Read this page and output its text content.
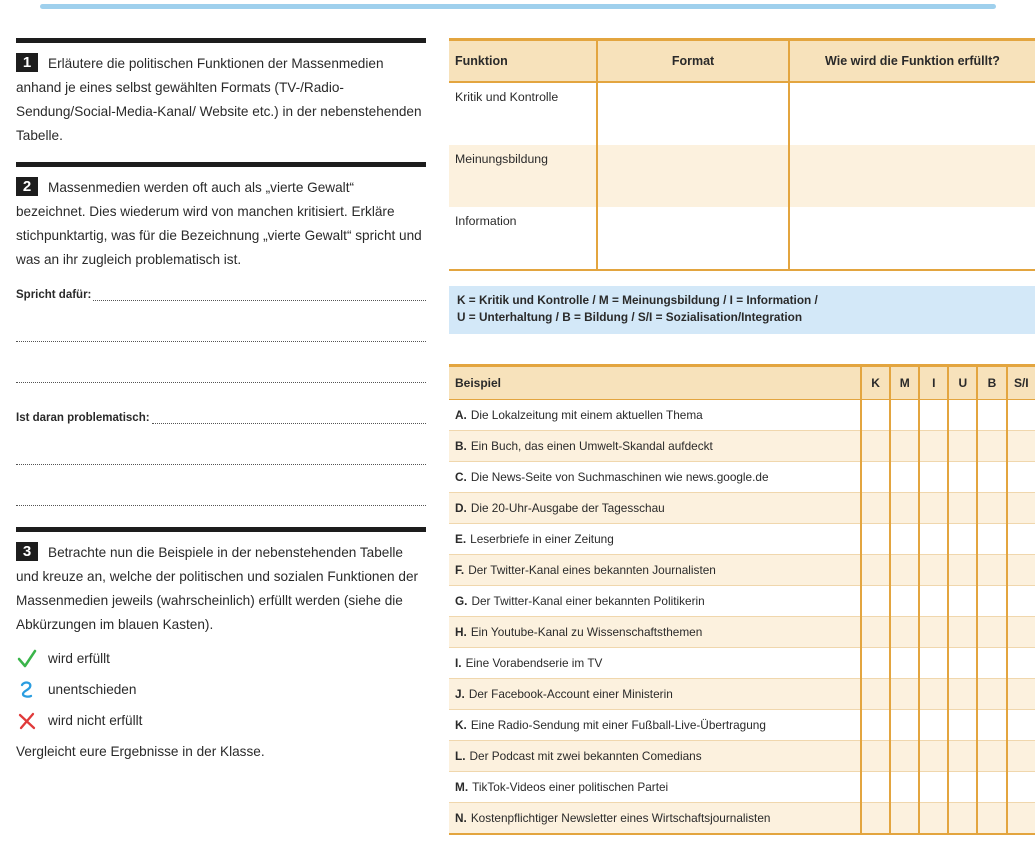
1 Erläutere die politischen Funktionen der Massenmedien anhand je eines selbst gewählten Formats (TV-/Radio-Sendung/Social-Media-Kanal/ Website etc.) in der nebenstehenden Tabelle.

2 Massenmedien werden oft auch als „vierte Gewalt“ bezeichnet. Dies wiederum wird von manchen kritisiert. Erkläre stichpunktartig, was für die Bezeichnung „vierte Gewalt“ spricht und was an ihr zugleich problematisch ist.

Spricht dafür:
Ist daran problematisch:

3 Betrachte nun die Beispiele in der nebenstehenden Tabelle und kreuze an, welche der politischen und sozialen Funktionen der Massenmedien jeweils (wahrscheinlich) erfüllt werden (siehe die Abkürzungen im blauen Kasten).

wird erfüllt
unentschieden
wird nicht erfüllt
Vergleicht eure Ergebnisse in der Klasse.
Funktion	Format	Wie wird die Funktion erfüllt?
Kritik und Kontrolle		
Meinungsbildung		
Information		
K = Kritik und Kontrolle / M = Meinungsbildung / I = Information /
U = Unterhaltung / B = Bildung / S/I = Sozialisation/Integration
Beispiel	K	M	I	U	B	S/I
A. Die Lokalzeitung mit einem aktuellen Thema						
B. Ein Buch, das einen Umwelt-Skandal aufdeckt						
C. Die News-Seite von Suchmaschinen wie news.google.de						
D. Die 20-Uhr-Ausgabe der Tagesschau						
E. Leserbriefe in einer Zeitung						
F. Der Twitter-Kanal eines bekannten Journalisten						
G. Der Twitter-Kanal einer bekannten Politikerin						
H. Ein Youtube-Kanal zu Wissenschaftsthemen						
I. Eine Vorabendserie im TV						
J. Der Facebook-Account einer Ministerin						
K. Eine Radio-Sendung mit einer Fußball-Live-Übertragung						
L. Der Podcast mit zwei bekannten Comedians						
M. TikTok-Videos einer politischen Partei						
N. Kostenpflichtiger Newsletter eines Wirtschaftsjournalisten						
